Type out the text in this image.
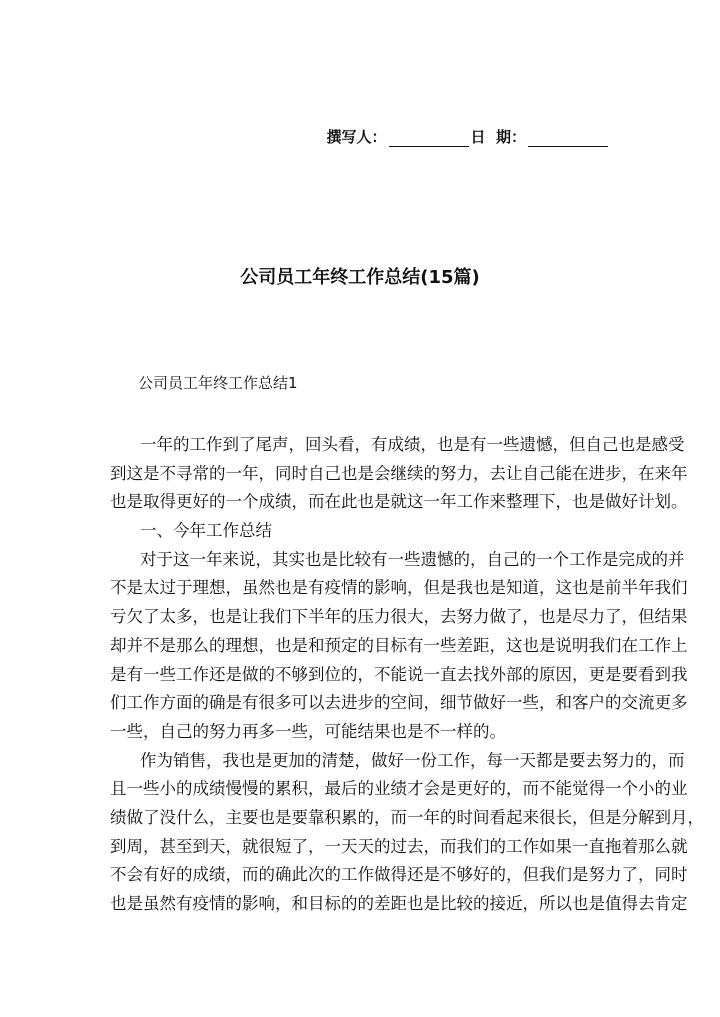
撰写人：	日  期：
公司员工年终工作总结(15篇)
公司员工年终工作总结1
一年的工作到了尾声，回头看，有成绩，也是有一些遗憾，但自己也是感受
到这是不寻常的一年，同时自己也是会继续的努力，去让自己能在进步，在来年
也是取得更好的一个成绩，而在此也是就这一年工作来整理下，也是做好计划。
一、今年工作总结
对于这一年来说，其实也是比较有一些遗憾的，自己的一个工作是完成的并
不是太过于理想，虽然也是有疫情的影响，但是我也是知道，这也是前半年我们
亏欠了太多，也是让我们下半年的压力很大，去努力做了，也是尽力了，但结果
却并不是那么的理想，也是和预定的目标有一些差距，这也是说明我们在工作上
是有一些工作还是做的不够到位的，不能说一直去找外部的原因，更是要看到我
们工作方面的确是有很多可以去进步的空间，细节做好一些，和客户的交流更多
一些，自己的努力再多一些，可能结果也是不一样的。
作为销售，我也是更加的清楚，做好一份工作，每一天都是要去努力的，而
且一些小的成绩慢慢的累积，最后的业绩才会是更好的，而不能觉得一个小的业
绩做了没什么，主要也是要靠积累的，而一年的时间看起来很长，但是分解到月，
到周，甚至到天，就很短了，一天天的过去，而我们的工作如果一直拖着那么就
不会有好的成绩，而的确此次的工作做得还是不够好的，但我们是努力了，同时
也是虽然有疫情的影响，和目标的的差距也是比较的接近，所以也是值得去肯定
